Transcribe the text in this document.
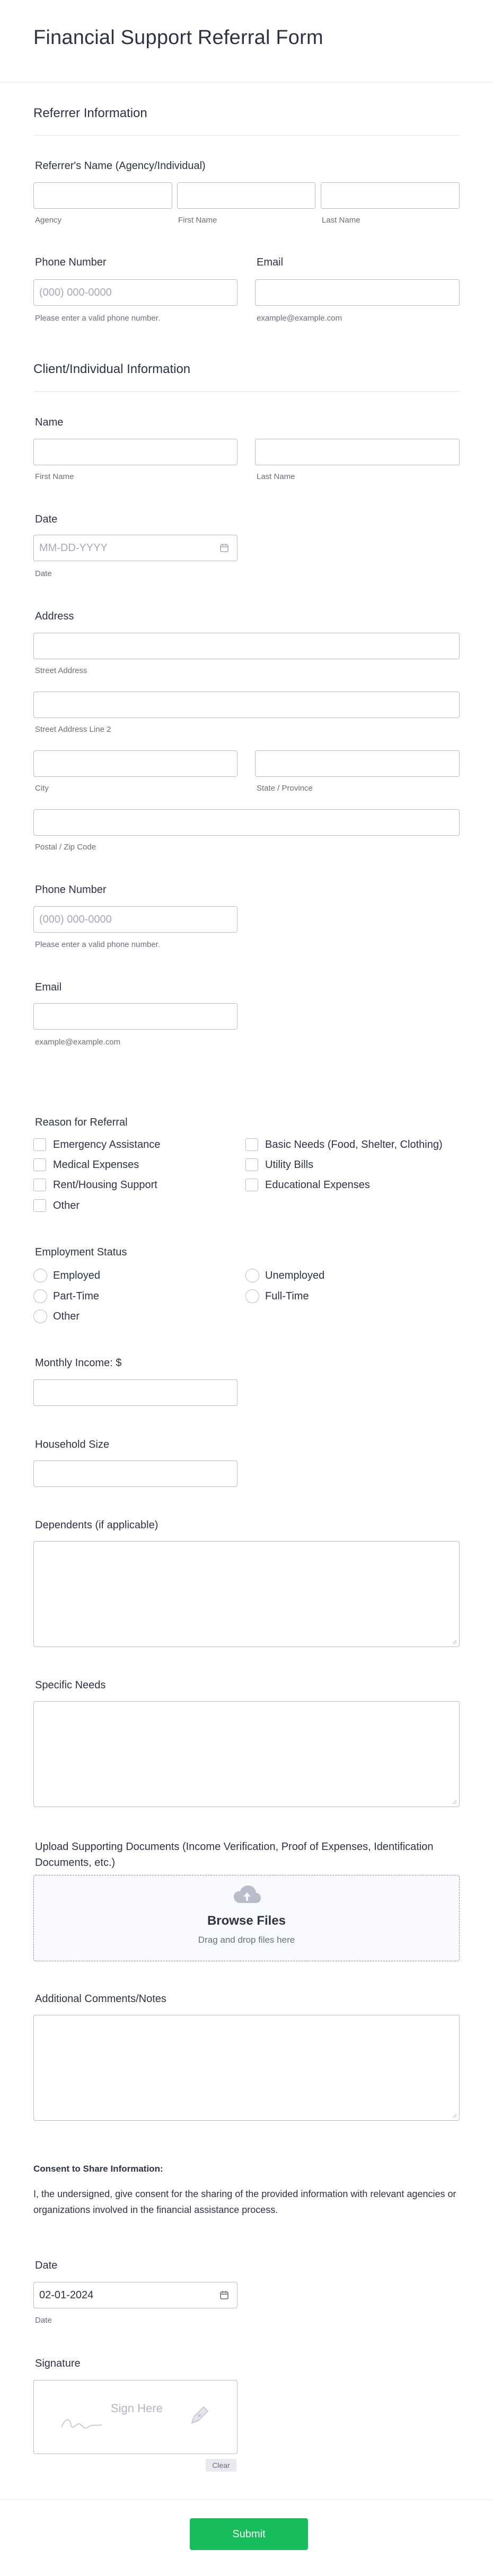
Financial Support Referral Form
Referrer Information
Referrer's Name (Agency/Individual)
Agency	First Name	Last Name
Phone Number
(000) 000-0000
Please enter a valid phone number.
Email
example@example.com
Client/Individual Information
Name
First Name	Last Name
Date
MM-DD-YYYY
Date
Address
Street Address
Street Address Line 2
City	State / Province
Postal / Zip Code
Phone Number
(000) 000-0000
Please enter a valid phone number.
Email
example@example.com
Reason for Referral
Emergency Assistance	Basic Needs (Food, Shelter, Clothing)
Medical Expenses	Utility Bills
Rent/Housing Support	Educational Expenses
Other
Employment Status
Employed	Unemployed
Part-Time	Full-Time
Other
Monthly Income: $
Household Size
Dependents (if applicable)
Specific Needs
Upload Supporting Documents (Income Verification, Proof of Expenses, Identification Documents, etc.)
Browse Files
Drag and drop files here
Additional Comments/Notes
Consent to Share Information:
I, the undersigned, give consent for the sharing of the provided information with relevant agencies or organizations involved in the financial assistance process.
Date
02-01-2024
Date
Signature
Sign Here
Clear
Submit
